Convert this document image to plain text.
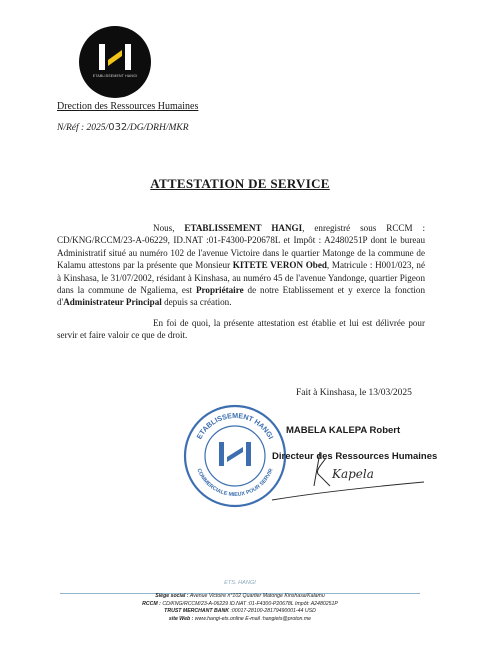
ETABLISSEMENT HANGI
Drection des Ressources Humaines
N/Réf : 2025/032/DG/DRH/MKR
ATTESTATION DE SERVICE

Nous, ETABLISSEMENT HANGI, enregistré sous RCCM : CD/KNG/RCCM/23-A-06229, ID.NAT :01-F4300-P20678L et Impôt : A2480251P dont le bureau Administratif situé au numéro 102 de l'avenue Victoire dans le quartier Matonge de la commune de Kalamu attestons par la présente que Monsieur KITETE VERON Obed, Matricule : H001/023, né à Kinshasa, le 31/07/2002, résidant à Kinshasa, au numéro 45 de l'avenue Yandonge, quartier Pigeon dans la commune de Ngaliema, est Propriétaire de notre Etablissement et y exerce la fonction d'Administrateur Principal depuis sa création.

En foi de quoi, la présente attestation est établie et lui est délivrée pour servir et faire valoir ce que de droit.

Fait à Kinshasa, le 13/03/2025
ETABLISSEMENT HANGI
COMMERCIALE MIEUX POUR SERVIR
MABELA KALEPA Robert
Directeur des Ressources Humaines
Kapela
ETS. HANGI
Siège social : Avenue Victoire n°102 Quartier Matonge Kinshasa/Kalamu
RCCM : CD/KNG/RCCM/23-A-06229 ID.NAT :01-F4300-P20678L Impôt: A2480251P
TRUST MERCHANT BANK :00017-28100-28179490001-44 USD
site Web : www.hangi-ets.online E-mail :hangiets@proton.me
